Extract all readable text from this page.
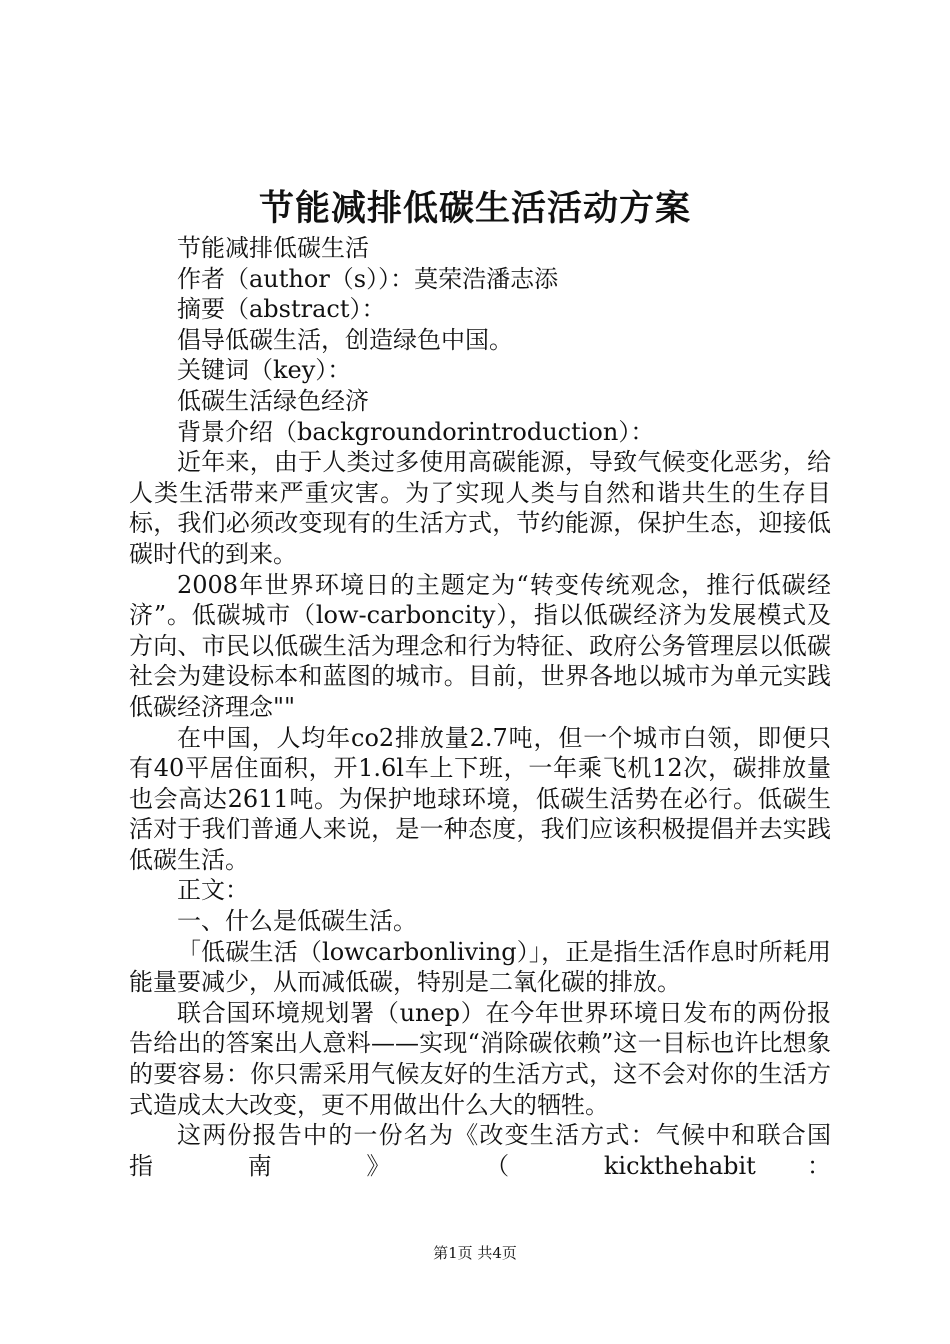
节能减排低碳生活活动方案

节能减排低碳生活

作者（author（s））：莫荣浩潘志添

摘要（abstract）：

倡导低碳生活，创造绿色中国。

关键词（key）：

低碳生活绿色经济

背景介绍（backgroundorintroduction）：

近年来，由于人类过多使用高碳能源，导致气候变化恶劣，给人类生活带来严重灾害。为了实现人类与自然和谐共生的生存目标，我们必须改变现有的生活方式，节约能源，保护生态，迎接低碳时代的到来。

2008年世界环境日的主题定为“转变传统观念，推行低碳经济”。低碳城市（low-carboncity），指以低碳经济为发展模式及方向、市民以低碳生活为理念和行为特征、政府公务管理层以低碳社会为建设标本和蓝图的城市。目前，世界各地以城市为单元实践低碳经济理念""

在中国，人均年co2排放量2.7吨，但一个城市白领，即便只有40平居住面积，开1.6l车上下班，一年乘飞机12次，碳排放量也会高达2611吨。为保护地球环境，低碳生活势在必行。低碳生活对于我们普通人来说，是一种态度，我们应该积极提倡并去实践低碳生活。

正文：

一、什么是低碳生活。

「低碳生活（lowcarbonliving）」，正是指生活作息时所耗用能量要减少，从而减低碳，特别是二氧化碳的排放。

联合国环境规划署（unep）在今年世界环境日发布的两份报告给出的答案出人意料——实现“消除碳依赖”这一目标也许比想象的要容易：你只需采用气候友好的生活方式，这不会对你的生活方式造成太大改变，更不用做出什么大的牺牲。

这两份报告中的一份名为《改变生活方式：气候中和联合国 指 南 》 （ kickthehabit ：

第1页 共4页
